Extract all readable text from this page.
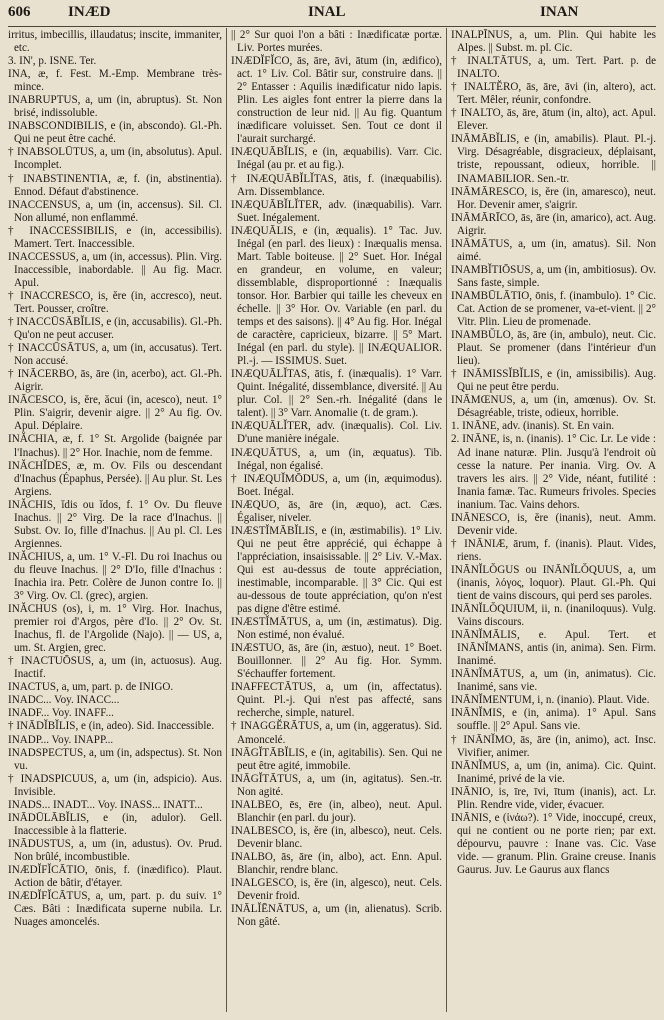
606	INÆD	INAL	INAN

irritus, imbecillis, illaudatus; inscite, immaniter, etc.

3. IN', p. ISNE. Ter.

INA, æ, f. Fest. M.-Emp. Membrane très-mince.

INABRUPTUS, a, um (in, abruptus). St. Non brisé, indissoluble.

INABSCONDIBILIS, e (in, abscondo). Gl.-Ph. Qui ne peut être caché.

† INABSOLŪTUS, a, um (in, absolutus). Apul. Incomplet.

† INABSTINENTIA, æ, f. (in, abstinentia). Ennod. Défaut d'abstinence.

INACCENSUS, a, um (in, accensus). Sil. Cl. Non allumé, non enflammé.

† INACCESSIBILIS, e (in, accessibilis). Mamert. Tert. Inaccessible.

INACCESSUS, a, um (in, accessus). Plin. Virg. Inaccessible, inabordable. || Au fig. Macr. Apul.

† INACCRESCO, is, ĕre (in, accresco), neut. Tert. Pousser, croître.

† INACCŪSĀBĬLIS, e (in, accusabilis). Gl.-Ph. Qu'on ne peut accuser.

† INACCŪSĀTUS, a, um (in, accusatus). Tert. Non accusé.

† INĀCERBO, ās, āre (in, acerbo), act. Gl.-Ph. Aigrir.

INĀCESCO, is, ĕre, ăcui (in, acesco), neut. 1° Plin. S'aigrir, devenir aigre. || 2° Au fig. Ov. Apul. Déplaire.

INĂCHIA, æ, f. 1° St. Argolide (baignée par l'Inachus). || 2° Hor. Inachie, nom de femme.

INĂCHĬDES, æ, m. Ov. Fils ou descendant d'Inachus (Épaphus, Persée). || Au plur. St. Les Argiens.

INĂCHIS, ĭdis ou ĭdos, f. 1° Ov. Du fleuve Inachus. || 2° Virg. De la race d'Inachus. || Subst. Ov. Io, fille d'Inachus. || Au pl. Cl. Les Argiennes.

INĂCHIUS, a, um. 1° V.-Fl. Du roi Inachus ou du fleuve Inachus. || 2° D'Io, fille d'Inachus : Inachia ira. Petr. Colère de Junon contre Io. || 3° Virg. Ov. Cl. (grec), argien.

INĂCHUS (os), i, m. 1° Virg. Hor. Inachus, premier roi d'Argos, père d'Io. || 2° Ov. St. Inachus, fl. de l'Argolide (Najo). || — US, a, um. St. Argien, grec.

† INACTUŌSUS, a, um (in, actuosus). Aug. Inactif.

INACTUS, a, um, part. p. de INIGO.

INADC... Voy. INACC...

INADF... Voy. INAFF...

† INĀDĬBĬLIS, e (in, adeo). Sid. Inaccessible.

INADP... Voy. INAPP...

INADSPECTUS, a, um (in, adspectus). St. Non vu.

† INADSPICUUS, a, um (in, adspicio). Aus. Invisible.

INADS... INADT... Voy. INASS... INATT...

INĀDŪLĀBĬLIS, e (in, adulor). Gell. Inaccessible à la flatterie.

INĀDUSTUS, a, um (in, adustus). Ov. Prud. Non brûlé, incombustible.

INÆDĬFĬCĀTIO, ōnis, f. (inædifico). Plaut. Action de bâtir, d'étayer.

INÆDĬFĬCĀTUS, a, um, part. p. du suiv. 1° Cæs. Bâti : Inædificata superne nubila. Lr. Nuages amoncelés.

|| 2° Sur quoi l'on a bâti : Inædificatæ portæ. Liv. Portes murées.

INÆDĬFĬCO, ās, āre, āvi, ātum (in, ædifico), act. 1° Liv. Col. Bâtir sur, construire dans. || 2° Entasser : Aquilis inædificatur nido lapis. Plin. Les aigles font entrer la pierre dans la construction de leur nid. || Au fig. Quantum inædificare voluisset. Sen. Tout ce dont il l'aurait surchargé.

INÆQUĀBĬLIS, e (in, æquabilis). Varr. Cic. Inégal (au pr. et au fig.).

† INÆQUĀBĬLĬTAS, ātis, f. (inæquabilis). Arn. Dissemblance.

INÆQUĀBĬLĬTER, adv. (inæquabilis). Varr. Suet. Inégalement.

INÆQUĀLIS, e (in, æqualis). 1° Tac. Juv. Inégal (en parl. des lieux) : Inæqualis mensa. Mart. Table boiteuse. || 2° Suet. Hor. Inégal en grandeur, en volume, en valeur; dissemblable, disproportionné : Inæqualis tonsor. Hor. Barbier qui taille les cheveux en échelle. || 3° Hor. Ov. Variable (en parl. du temps et des saisons). || 4° Au fig. Hor. Inégal de caractère, capricieux, bizarre. || 5° Mart. Inégal (en parl. du style). || INÆQUALIOR. Pl.-j. — ISSIMUS. Suet.

INÆQUĀLĬTAS, ātis, f. (inæqualis). 1° Varr. Quint. Inégalité, dissemblance, diversité. || Au plur. Col. || 2° Sen.-rh. Inégalité (dans le talent). || 3° Varr. Anomalie (t. de gram.).

INÆQUĀLĬTER, adv. (inæqualis). Col. Liv. D'une manière inégale.

INÆQUĀTUS, a, um (in, æquatus). Tib. Inégal, non égalisé.

† INÆQUĬMŌDUS, a, um (in, æquimodus). Boet. Inégal.

INÆQUO, ās, āre (in, æquo), act. Cæs. Égaliser, niveler.

INÆSTĬMĀBĬLIS, e (in, æstimabilis). 1° Liv. Qui ne peut être apprécié, qui échappe à l'appréciation, insaisissable. || 2° Liv. V.-Max. Qui est au-dessus de toute appréciation, inestimable, incomparable. || 3° Cic. Qui est au-dessous de toute appréciation, qu'on n'est pas digne d'être estimé.

INÆSTĬMĀTUS, a, um (in, æstimatus). Dig. Non estimé, non évalué.

INÆSTUO, ās, āre (in, æstuo), neut. 1° Boet. Bouillonner. || 2° Au fig. Hor. Symm. S'échauffer fortement.

INAFFECTĀTUS, a, um (in, affectatus). Quint. Pl.-j. Qui n'est pas affecté, sans recherche, simple, naturel.

† INAGGĔRĀTUS, a, um (in, aggeratus). Sid. Amoncelé.

INĀGĬTĀBĬLIS, e (in, agitabilis). Sen. Qui ne peut être agité, immobile.

INĀGĬTĀTUS, a, um (in, agitatus). Sen.-tr. Non agité.

INALBEO, ēs, ēre (in, albeo), neut. Apul. Blanchir (en parl. du jour).

INALBESCO, is, ĕre (in, albesco), neut. Cels. Devenir blanc.

INALBO, ās, āre (in, albo), act. Enn. Apul. Blanchir, rendre blanc.

INALGESCO, is, ĕre (in, algesco), neut. Cels. Devenir froid.

INĀLĬĒNĀTUS, a, um (in, alienatus). Scrib. Non gâté.

INALPĪNUS, a, um. Plin. Qui habite les Alpes. || Subst. m. pl. Cic.

† INALTĀTUS, a, um. Tert. Part. p. de INALTO.

† INALTĔRO, ās, āre, āvi (in, altero), act. Tert. Mêler, réunir, confondre.

† INALTO, ās, āre, ātum (in, alto), act. Apul. Elever.

INĀMĀBĬLIS, e (in, amabilis). Plaut. Pl.-j. Virg. Désagréable, disgracieux, déplaisant, triste, repoussant, odieux, horrible. || INAMABILIOR. Sen.-tr.

INĀMĀRESCO, is, ĕre (in, amaresco), neut. Hor. Devenir amer, s'aigrir.

INĀMĀRĪCO, ās, āre (in, amarico), act. Aug. Aigrir.

INĀMĀTUS, a, um (in, amatus). Sil. Non aimé.

INAMBĬTIŌSUS, a, um (in, ambitiosus). Ov. Sans faste, simple.

INAMBŪLĀTIO, ōnis, f. (inambulo). 1° Cic. Cat. Action de se promener, va-et-vient. || 2° Vitr. Plin. Lieu de promenade.

INAMBŬLO, ās, āre (in, ambulo), neut. Cic. Plaut. Se promener (dans l'intérieur d'un lieu).

† INĀMISSĬBĬLIS, e (in, amissibilis). Aug. Qui ne peut être perdu.

INĀMŒNUS, a, um (in, amœnus). Ov. St. Désagréable, triste, odieux, horrible.

1. INĀNE, adv. (inanis). St. En vain.

2. INĀNE, is, n. (inanis). 1° Cic. Lr. Le vide : Ad inane naturæ. Plin. Jusqu'à l'endroit où cesse la nature. Per inania. Virg. Ov. A travers les airs. || 2° Vide, néant, futilité : Inania famæ. Tac. Rumeurs frivoles. Species inanium. Tac. Vains dehors.

INĀNESCO, is, ĕre (inanis), neut. Amm. Devenir vide.

† INĀNIÆ, ārum, f. (inanis). Plaut. Vides, riens.

INĀNĬLŎGUS ou INĀNĬLŎQUUS, a, um (inanis, λόγος, loquor). Plaut. Gl.-Ph. Qui tient de vains discours, qui perd ses paroles.

INĀNĬLŎQUIUM, ii, n. (inaniloquus). Vulg. Vains discours.

INĀNĬMĀLIS, e. Apul. Tert. et INĀNĬMANS, antis (in, anima). Sen. Firm. Inanimé.

INĀNĬMĀTUS, a, um (in, animatus). Cic. Inanimé, sans vie.

INĀNĬMENTUM, i, n. (inanio). Plaut. Vide.

INĀNĬMIS, e (in, anima). 1° Apul. Sans souffle. || 2° Apul. Sans vie.

† INĀNĬMO, ās, āre (in, animo), act. Insc. Vivifier, animer.

INĀNĬMUS, a, um (in, anima). Cic. Quint. Inanimé, privé de la vie.

INĀNIO, is, īre, īvi, ītum (inanis), act. Lr. Plin. Rendre vide, vider, évacuer.

INĀNIS, e (ἰνάω?). 1° Vide, inoccupé, creux, qui ne contient ou ne porte rien; par ext. dépourvu, pauvre : Inane vas. Cic. Vase vide. — granum. Plin. Graine creuse. Inanis Gaurus. Juv. Le Gaurus aux flancs
